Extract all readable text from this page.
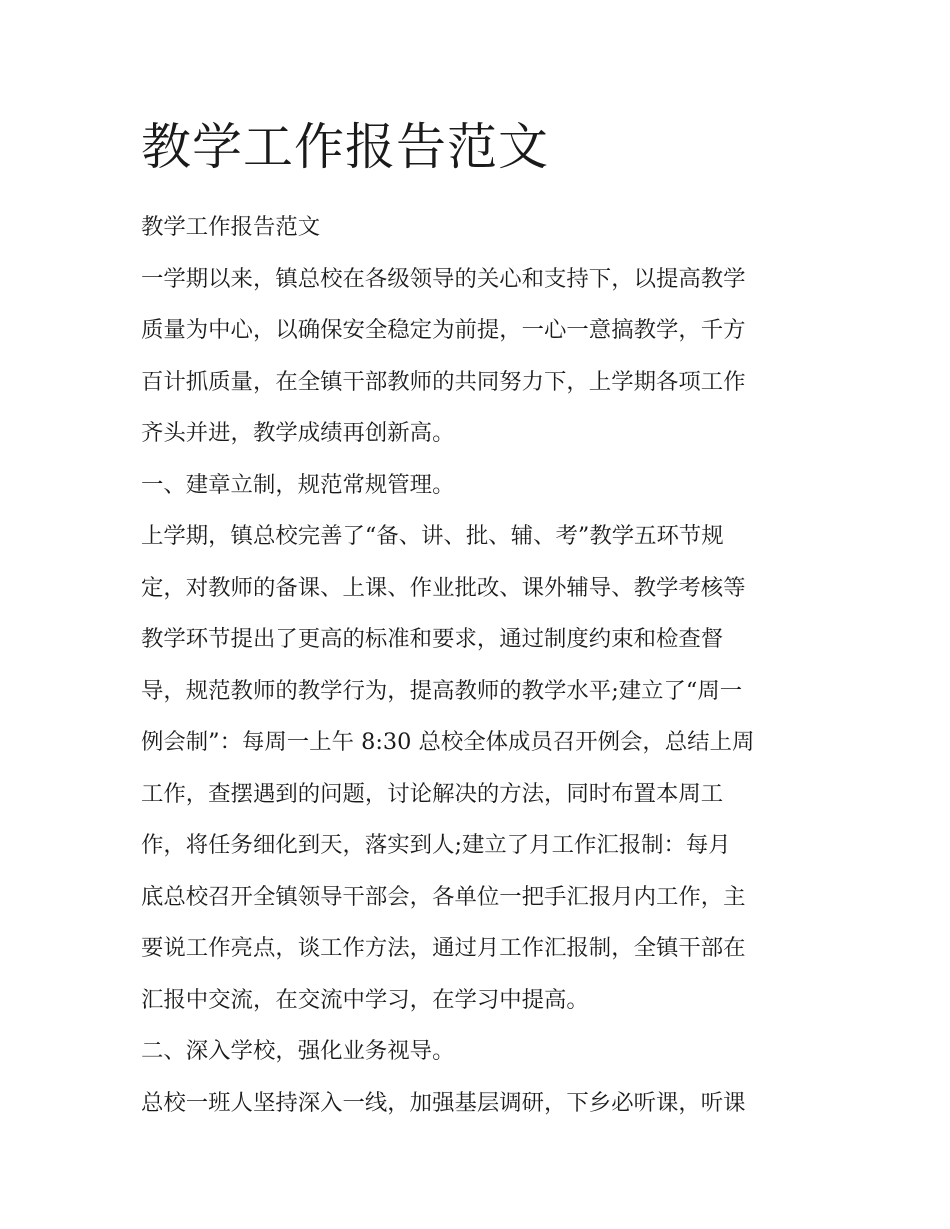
教学工作报告范文

教学工作报告范文

一学期以来，镇总校在各级领导的关心和支持下，以提高教学
质量为中心，以确保安全稳定为前提，一心一意搞教学，千方
百计抓质量，在全镇干部教师的共同努力下，上学期各项工作
齐头并进，教学成绩再创新高。

一、建章立制，规范常规管理。

上学期，镇总校完善了“备、讲、批、辅、考”教学五环节规
定，对教师的备课、上课、作业批改、课外辅导、教学考核等
教学环节提出了更高的标准和要求，通过制度约束和检查督
导，规范教师的教学行为，提高教师的教学水平;建立了“周一
例会制”：每周一上午 8:30 总校全体成员召开例会，总结上周
工作，查摆遇到的问题，讨论解决的方法，同时布置本周工
作，将任务细化到天，落实到人;建立了月工作汇报制：每月
底总校召开全镇领导干部会，各单位一把手汇报月内工作，主
要说工作亮点，谈工作方法，通过月工作汇报制，全镇干部在
汇报中交流，在交流中学习，在学习中提高。

二、深入学校，强化业务视导。

总校一班人坚持深入一线，加强基层调研，下乡必听课，听课
